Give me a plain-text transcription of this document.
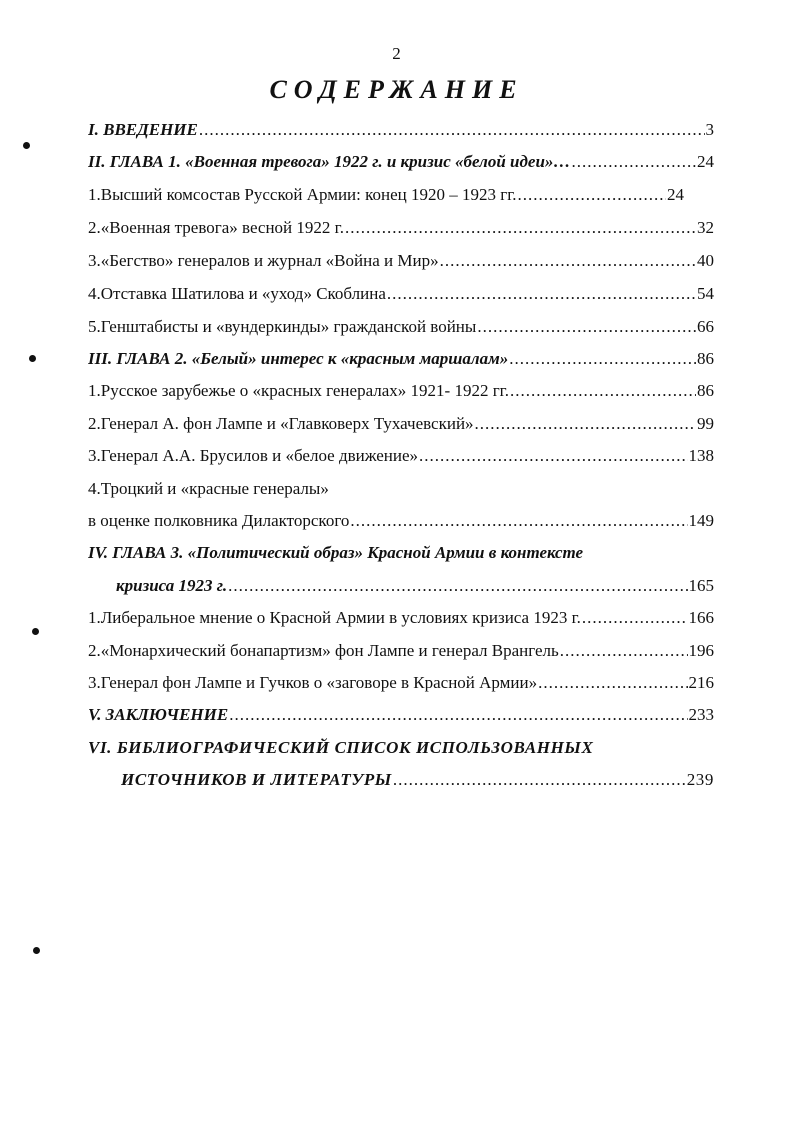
2
СОДЕРЖАНИЕ
I. ВВЕДЕНИЕ .....	3
II. ГЛАВА 1. «Военная тревога» 1922 г. и кризис «белой идеи»… .....	24
1.Высший комсостав Русской Армии: конец 1920 – 1923 гг. .....	24
2.«Военная тревога» весной 1922 г. .....	32
3.«Бегство» генералов и журнал «Война и Мир» .....	40
4.Отставка Шатилова и «уход» Скоблина .....	54
5.Генштабисты и «вундеркинды» гражданской войны .....	66
III. ГЛАВА 2. «Белый» интерес к «красным маршалам» .....	86
1.Русское зарубежье о «красных генералах» 1921- 1922 гг. .....	86
2.Генерал А. фон Лампе и «Главковерх Тухачевский» .....	99
3.Генерал А.А. Брусилов и «белое движение» .....	138
4.Троцкий и «красные генералы»
в оценке полковника Дилакторского .....	149
IV. ГЛАВА 3. «Политический образ» Красной Армии в контексте
кризиса 1923 г. .....	165
1.Либеральное мнение о Красной Армии в условиях кризиса 1923 г. .....	166
2.«Монархический бонапартизм» фон Лампе и генерал Врангель .....	196
3.Генерал фон Лампе и Гучков о «заговоре в Красной Армии» .....	216
V. ЗАКЛЮЧЕНИЕ .....	233
VI. БИБЛИОГРАФИЧЕСКИЙ СПИСОК ИСПОЛЬЗОВАННЫХ
ИСТОЧНИКОВ И ЛИТЕРАТУРЫ .....	239
